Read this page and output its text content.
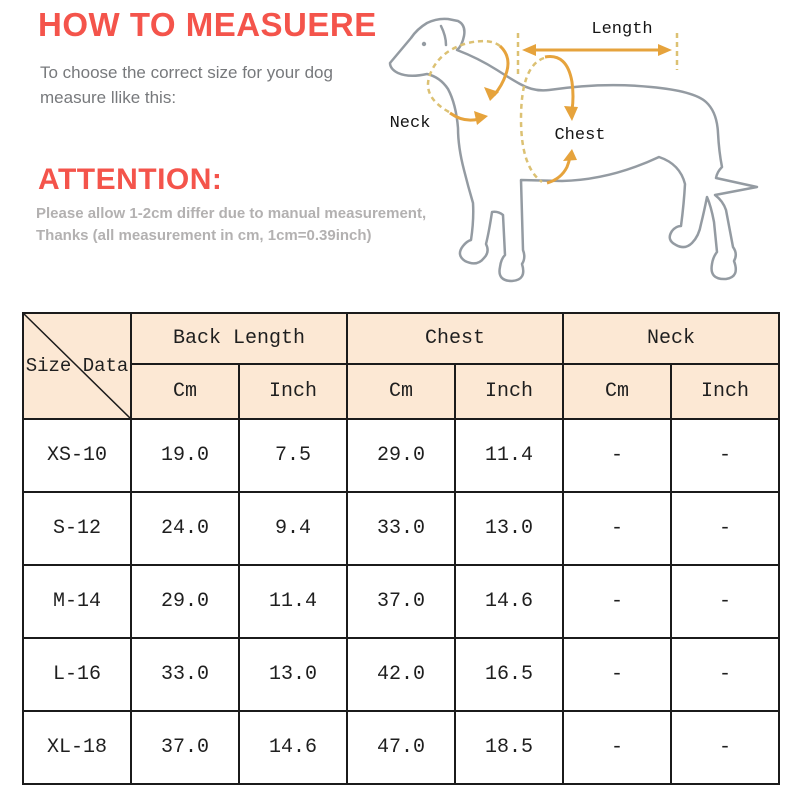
HOW TO MEASUERE
To choose the correct size for your dog
measure llike this:
ATTENTION:
Please allow 1-2cm differ due to manual measurement,
Thanks (all measurement in cm, 1cm=0.39inch)
Length
Neck
Chest
Size Data	Back Length		Chest		Neck	
	Cm	Inch	Cm	Inch	Cm	Inch
XS-10	19.0	7.5	29.0	11.4	-	-
S-12	24.0	9.4	33.0	13.0	-	-
M-14	29.0	11.4	37.0	14.6	-	-
L-16	33.0	13.0	42.0	16.5	-	-
XL-18	37.0	14.6	47.0	18.5	-	-
